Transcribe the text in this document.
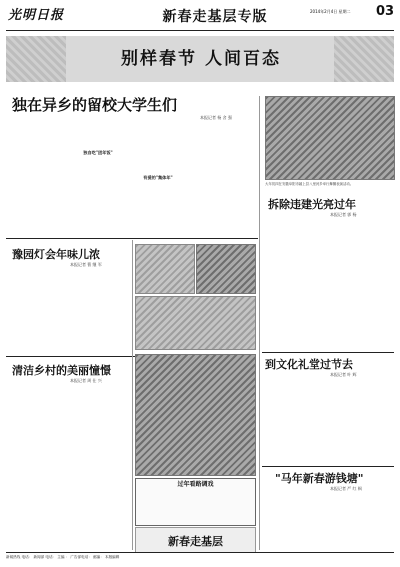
光明日报	新春走基层专版	2014年2月4日 星期二	03
别样春节 人间百态
独在异乡的留校大学生们
本报记者 杨 舍 强
独自吃"团年饭"
有爱的"集体年"
大年初四在安徽阜阳市颍上县八里河乡举行舞狮表演活动。
拆除违建光亮过年
本报记者 郭 杨
豫园灯会年味儿浓
本报记者 曹 继 军
清洁乡村的美丽憧憬
本报记者 周 仕 兴
过年看路调戏
新春走基层
到文化礼堂过节去
本报记者 叶 辉
"马年新春游钱塘"
本报记者 严 红 枫
新闻热线 电话： 新闻部 电话： 主编 ： 广告部电话： 邮编： 本版编辑
